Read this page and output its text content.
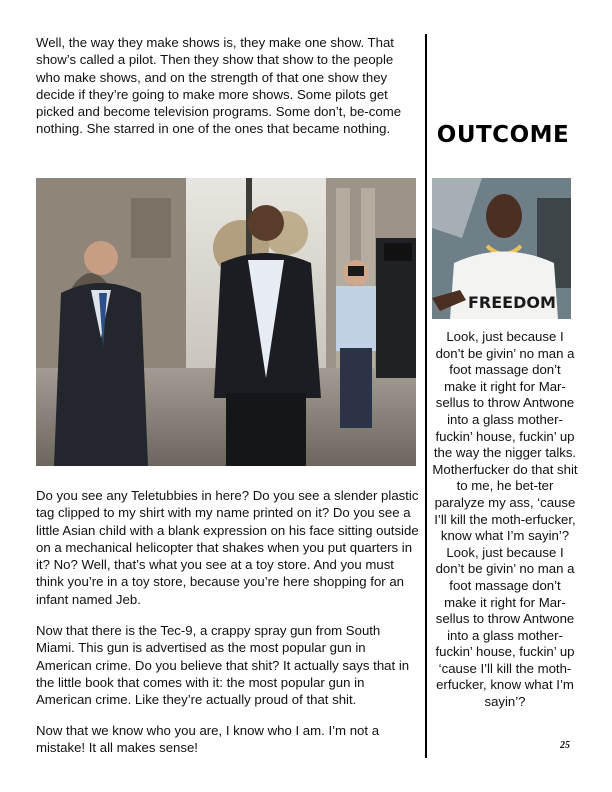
Well, the way they make shows is, they make one show. That show’s called a pilot. Then they show that show to the people who make shows, and on the strength of that one show they decide if they’re going to make more shows. Some pilots get picked and become television programs. Some don’t, be-come nothing. She starred in one of the ones that became nothing.

Do you see any Teletubbies in here? Do you see a slender plastic tag clipped to my shirt with my name printed on it? Do you see a little Asian child with a blank expression on his face sitting outside on a mechanical helicopter that shakes when you put quarters in it? No? Well, that’s what you see at a toy store. And you must think you’re in a toy store, because you’re here shopping for an infant named Jeb.

Now that there is the Tec-9, a crappy spray gun from South Miami. This gun is advertised as the most popular gun in American crime. Do you believe that shit? It actually says that in the little book that comes with it: the most popular gun in American crime. Like they’re actually proud of that shit.

Now that we know who you are, I know who I am. I’m not a mistake! It all makes sense!

OUTCOME
FREEDOM

Look, just because I don’t be givin’ no man a foot massage don’t make it right for Mar-sellus to throw Antwone into a glass mother-fuckin’ house, fuckin’ up the way the nigger talks. Motherfucker do that shit to me, he bet-ter paralyze my ass, ‘cause I’ll kill the moth-erfucker, know what I’m sayin’? Look, just because I don’t be givin’ no man a foot massage don’t make it right for Mar-sellus to throw Antwone into a glass mother-fuckin’ house, fuckin’ up ‘cause I’ll kill the moth-erfucker, know what I’m sayin’?

25
